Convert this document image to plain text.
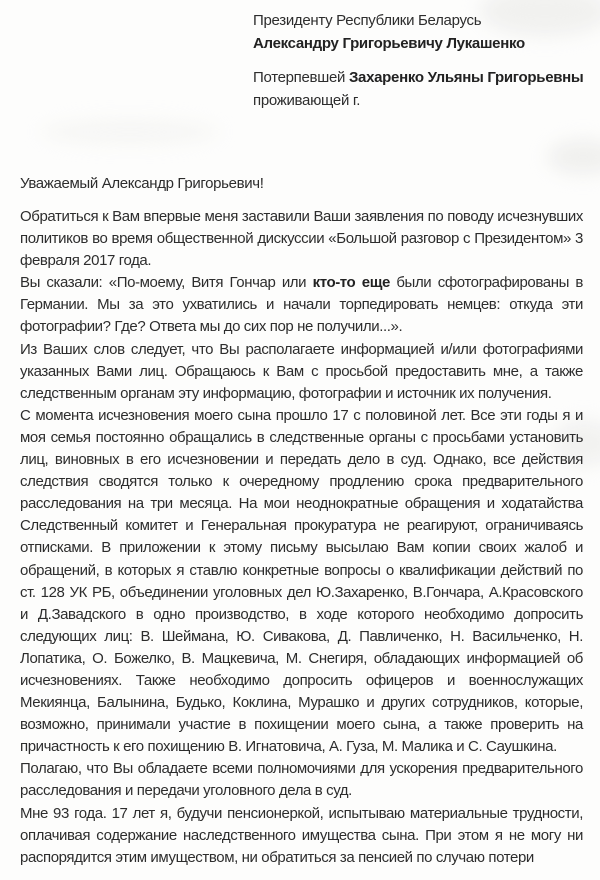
Президенту Республики Беларусь
Александру Григорьевичу Лукашенко
Потерпевшей Захаренко Ульяны Григорьевны
проживающей г.
Уважаемый Александр Григорьевич!
Обратиться к Вам впервые меня заставили Ваши заявления по поводу исчезнувших политиков во время общественной дискуссии «Большой разговор с Президентом» 3 февраля 2017 года.
Вы сказали: «По-моему, Витя Гончар или кто-то еще были сфотографированы в Германии. Мы за это ухватились и начали торпедировать немцев: откуда эти фотографии? Где? Ответа мы до сих пор не получили...».
Из Ваших слов следует, что Вы располагаете информацией и/или фотографиями указанных Вами лиц. Обращаюсь к Вам с просьбой предоставить мне, а также следственным органам эту информацию, фотографии и источник их получения.
С момента исчезновения моего сына прошло 17 с половиной лет. Все эти годы я и моя семья постоянно обращались в следственные органы с просьбами установить лиц, виновных в его исчезновении и передать дело в суд. Однако, все действия следствия сводятся только к очередному продлению срока предварительного расследования на три месяца. На мои неоднократные обращения и ходатайства Следственный комитет и Генеральная прокуратура не реагируют, ограничиваясь отписками. В приложении к этому письму высылаю Вам копии своих жалоб и обращений, в которых я ставлю конкретные вопросы о квалификации действий по ст. 128 УК РБ, объединении уголовных дел Ю.Захаренко, В.Гончара, А.Красовского и Д.Завадского в одно производство, в ходе которого необходимо допросить следующих лиц: В. Шеймана, Ю. Сивакова, Д. Павличенко, Н. Васильченко, Н. Лопатика, О. Божелко, В. Мацкевича, М. Снегиря, обладающих информацией об исчезновениях. Также необходимо допросить офицеров и военнослужащих Мекиянца, Балынина, Будько, Коклина, Мурашко и других сотрудников, которые, возможно, принимали участие в похищении моего сына, а также проверить на причастность к его похищению В. Игнатовича, А. Гуза, М. Малика и С. Саушкина.
Полагаю, что Вы обладаете всеми полномочиями для ускорения предварительного расследования и передачи уголовного дела в суд.
Мне 93 года. 17 лет я, будучи пенсионеркой, испытываю материальные трудности, оплачивая содержание наследственного имущества сына. При этом я не могу ни распорядится этим имуществом, ни обратиться за пенсией по случаю потери
